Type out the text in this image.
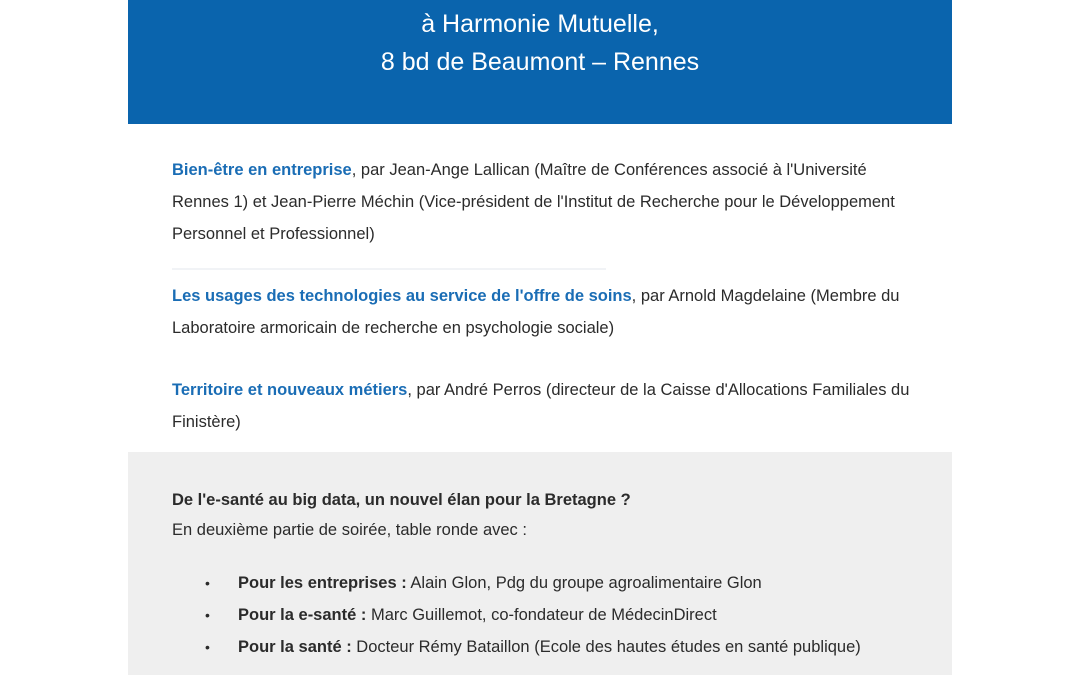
à Harmonie Mutuelle,
8 bd de Beaumont – Rennes

Bien-être en entreprise, par Jean-Ange Lallican (Maître de Conférences associé à l'Université Rennes 1) et Jean-Pierre Méchin (Vice-président de l'Institut de Recherche pour le Développement Personnel et Professionnel)

Les usages des technologies au service de l'offre de soins, par Arnold Magdelaine (Membre du Laboratoire armoricain de recherche en psychologie sociale)

Territoire et nouveaux métiers, par André Perros (directeur de la Caisse d'Allocations Familiales du Finistère)

De l'e-santé au big data, un nouvel élan pour la Bretagne ?
En deuxième partie de soirée, table ronde avec :
• Pour les entreprises : Alain Glon, Pdg du groupe agroalimentaire Glon
• Pour la e-santé : Marc Guillemot, co-fondateur de MédecinDirect
• Pour la santé : Docteur Rémy Bataillon (Ecole des hautes études en santé publique)
